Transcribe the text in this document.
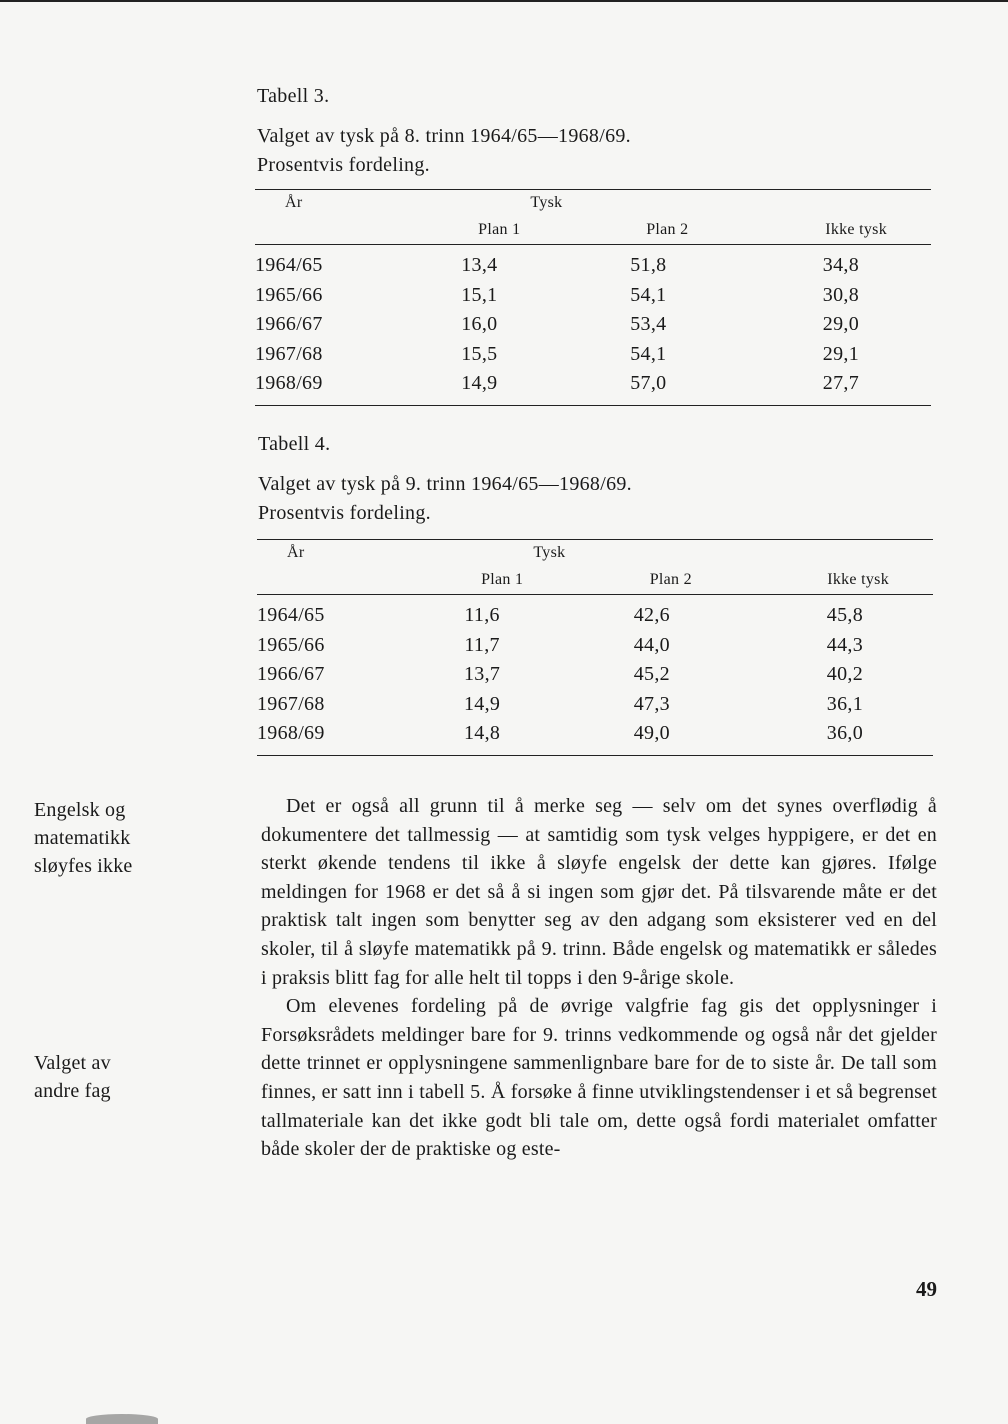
Tabell 3.
Valget av tysk på 8. trinn 1964/65—1968/69.
Prosentvis fordeling.
År		Tysk	
	Plan 1	Plan 2	Ikke tysk
1964/65	13,4	51,8	34,8
1965/66	15,1	54,1	30,8
1966/67	16,0	53,4	29,0
1967/68	15,5	54,1	29,1
1968/69	14,9	57,0	27,7
Tabell 4.
Valget av tysk på 9. trinn 1964/65—1968/69.
Prosentvis fordeling.
År		Tysk	
	Plan 1	Plan 2	Ikke tysk
1964/65	11,6	42,6	45,8
1965/66	11,7	44,0	44,3
1966/67	13,7	45,2	40,2
1967/68	14,9	47,3	36,1
1968/69	14,8	49,0	36,0
Engelsk og
matematikk
sløyfes ikke
Valget av
andre fag

Det er også all grunn til å merke seg — selv om det synes overflødig å dokumentere det tallmessig — at samtidig som tysk velges hyppigere, er det en sterkt økende tendens til ikke å sløyfe engelsk der dette kan gjøres. Ifølge meldingen for 1968 er det så å si ingen som gjør det. På tilsvarende måte er det praktisk talt ingen som benytter seg av den adgang som eksisterer ved en del skoler, til å sløyfe matematikk på 9. trinn. Både engelsk og matematikk er således i praksis blitt fag for alle helt til topps i den 9-årige skole.

Om elevenes fordeling på de øvrige valgfrie fag gis det opplysninger i Forsøksrådets meldinger bare for 9. trinns vedkommende og også når det gjelder dette trinnet er opplysningene sammenlignbare bare for de to siste år. De tall som finnes, er satt inn i tabell 5. Å forsøke å finne utviklingstendenser i et så begrenset tallmateriale kan det ikke godt bli tale om, dette også fordi materialet omfatter både skoler der de praktiske og este-

49
